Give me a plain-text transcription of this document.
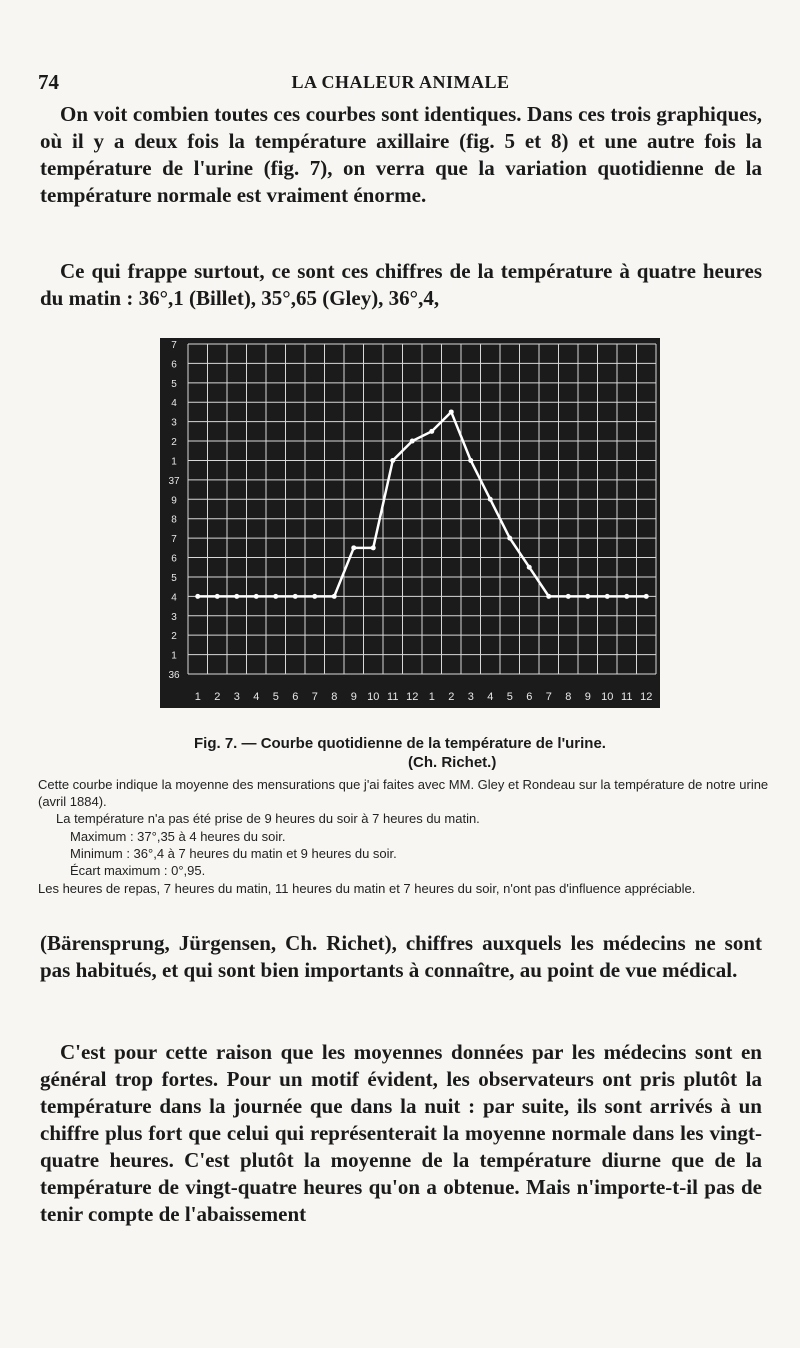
74	LA CHALEUR ANIMALE

On voit combien toutes ces courbes sont identiques. Dans ces trois graphiques, où il y a deux fois la température axillaire (fig. 5 et 8) et une autre fois la température de l'urine (fig. 7), on verra que la variation quotidienne de la température normale est vraiment énorme.

Ce qui frappe surtout, ce sont ces chiffres de la température à quatre heures du matin : 36°,1 (Billet), 35°,65 (Gley), 36°,4,

7
6
5
4
3
2
1
37
9
8
7
6
5
4
3
2
1
36
1 2 3 4 5 6 7 8 9 10 11 12 1 2 3 4 5 6 7 8 9 10 11 12
Fig. 7. — Courbe quotidienne de la température de l'urine.
(Ch. Richet.)

Cette courbe indique la moyenne des mensurations que j'ai faites avec MM. Gley et Rondeau sur la température de notre urine (avril 1884).

La température n'a pas été prise de 9 heures du soir à 7 heures du matin.

Maximum : 37°,35 à 4 heures du soir.

Minimum : 36°,4 à 7 heures du matin et 9 heures du soir.

Écart maximum : 0°,95.

Les heures de repas, 7 heures du matin, 11 heures du matin et 7 heures du soir, n'ont pas d'influence appréciable.

(Bärensprung, Jürgensen, Ch. Richet), chiffres auxquels les médecins ne sont pas habitués, et qui sont bien importants à connaître, au point de vue médical.

C'est pour cette raison que les moyennes données par les médecins sont en général trop fortes. Pour un motif évident, les observateurs ont pris plutôt la température dans la journée que dans la nuit : par suite, ils sont arrivés à un chiffre plus fort que celui qui représenterait la moyenne normale dans les vingt-quatre heures. C'est plutôt la moyenne de la température diurne que de la température de vingt-quatre heures qu'on a obtenue. Mais n'importe-t-il pas de tenir compte de l'abaissement
